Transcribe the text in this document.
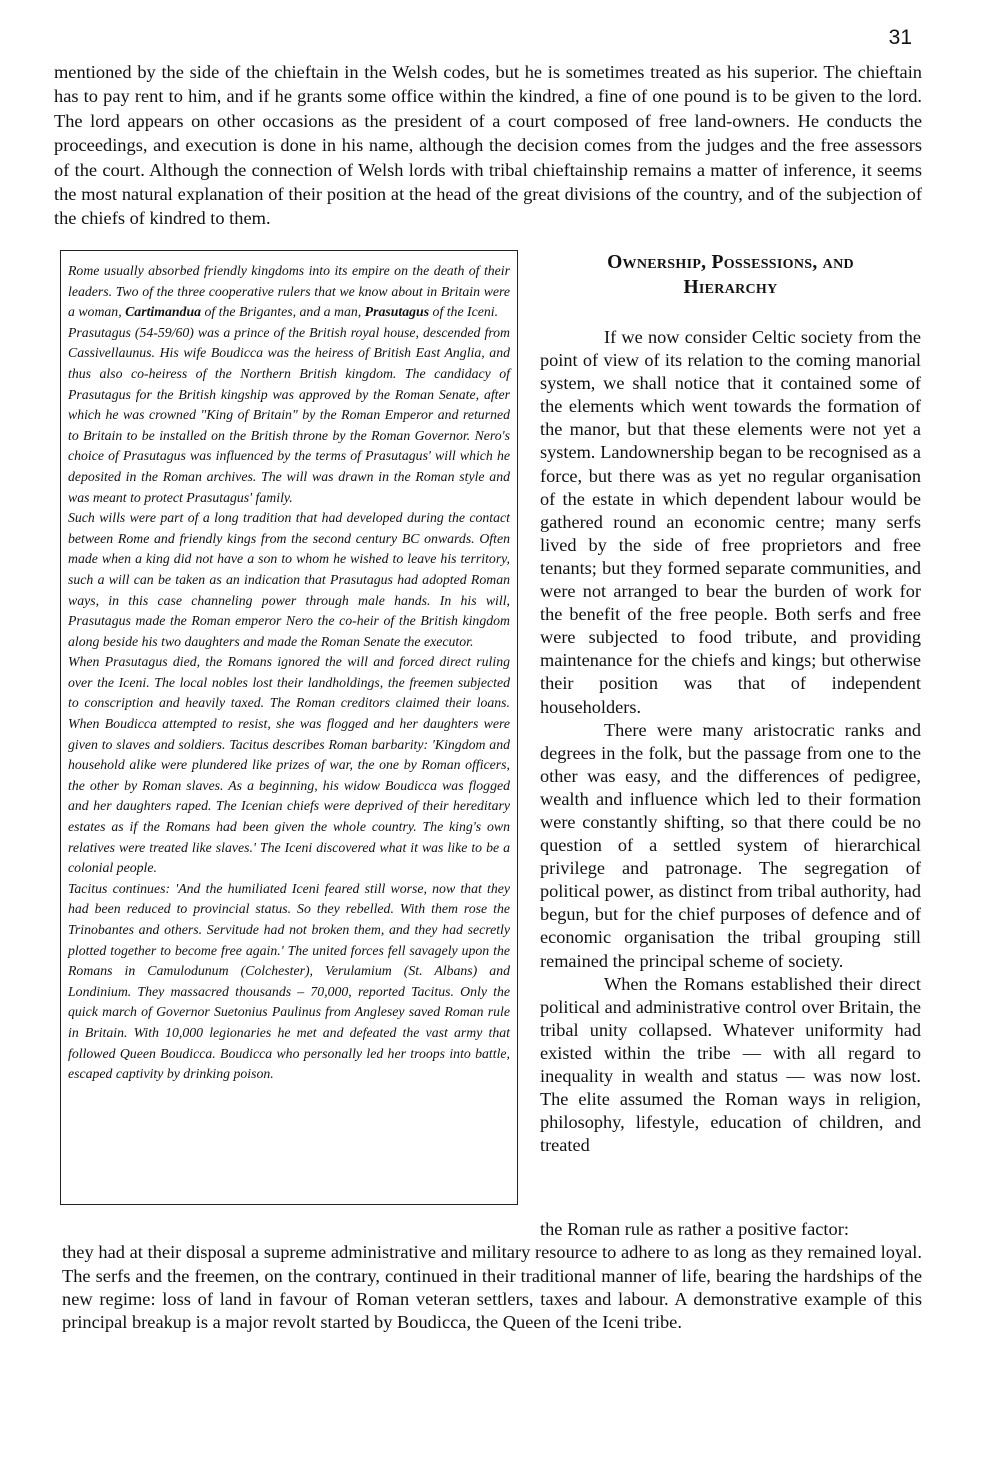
31

mentioned by the side of the chieftain in the Welsh codes, but he is sometimes treated as his superior. The chieftain has to pay rent to him, and if he grants some office within the kindred, a fine of one pound is to be given to the lord. The lord appears on other occasions as the president of a court composed of free land-owners. He conducts the proceedings, and execution is done in his name, although the decision comes from the judges and the free assessors of the court. Although the connection of Welsh lords with tribal chieftainship remains a matter of inference, it seems the most natural explanation of their position at the head of the great divisions of the country, and of the subjection of the chiefs of kindred to them.

Rome usually absorbed friendly kingdoms into its empire on the death of their leaders. Two of the three cooperative rulers that we know about in Britain were a woman, Cartimandua of the Brigantes, and a man, Prasutagus of the Iceni.

Prasutagus (54-59/60) was a prince of the British royal house, descended from Cassivellaunus. His wife Boudicca was the heiress of British East Anglia, and thus also co-heiress of the Northern British kingdom. The candidacy of Prasutagus for the British kingship was approved by the Roman Senate, after which he was crowned "King of Britain" by the Roman Emperor and returned to Britain to be installed on the British throne by the Roman Governor. Nero's choice of Prasutagus was influenced by the terms of Prasutagus' will which he deposited in the Roman archives. The will was drawn in the Roman style and was meant to protect Prasutagus' family.

Such wills were part of a long tradition that had developed during the contact between Rome and friendly kings from the second century BC onwards. Often made when a king did not have a son to whom he wished to leave his territory, such a will can be taken as an indication that Prasutagus had adopted Roman ways, in this case channeling power through male hands. In his will, Prasutagus made the Roman emperor Nero the co-heir of the British kingdom along beside his two daughters and made the Roman Senate the executor.

When Prasutagus died, the Romans ignored the will and forced direct ruling over the Iceni. The local nobles lost their landholdings, the freemen subjected to conscription and heavily taxed. The Roman creditors claimed their loans. When Boudicca attempted to resist, she was flogged and her daughters were given to slaves and soldiers. Tacitus describes Roman barbarity: 'Kingdom and household alike were plundered like prizes of war, the one by Roman officers, the other by Roman slaves. As a beginning, his widow Boudicca was flogged and her daughters raped. The Icenian chiefs were deprived of their hereditary estates as if the Romans had been given the whole country. The king's own relatives were treated like slaves.' The Iceni discovered what it was like to be a colonial people.

Tacitus continues: 'And the humiliated Iceni feared still worse, now that they had been reduced to provincial status. So they rebelled. With them rose the Trinobantes and others. Servitude had not broken them, and they had secretly plotted together to become free again.' The united forces fell savagely upon the Romans in Camulodunum (Colchester), Verulamium (St. Albans) and Londinium. They massacred thousands – 70,000, reported Tacitus. Only the quick march of Governor Suetonius Paulinus from Anglesey saved Roman rule in Britain. With 10,000 legionaries he met and defeated the vast army that followed Queen Boudicca. Boudicca who personally led her troops into battle, escaped captivity by drinking poison.

Ownership, Possessions, and
Hierarchy

If we now consider Celtic society from the point of view of its relation to the coming manorial system, we shall notice that it contained some of the elements which went towards the formation of the manor, but that these elements were not yet a system. Landownership began to be recognised as a force, but there was as yet no regular organisation of the estate in which dependent labour would be gathered round an economic centre; many serfs lived by the side of free proprietors and free tenants; but they formed separate communities, and were not arranged to bear the burden of work for the benefit of the free people. Both serfs and free were subjected to food tribute, and providing maintenance for the chiefs and kings; but otherwise their position was that of independent householders.

There were many aristocratic ranks and degrees in the folk, but the passage from one to the other was easy, and the differences of pedigree, wealth and influence which led to their formation were constantly shifting, so that there could be no question of a settled system of hierarchical privilege and patronage. The segregation of political power, as distinct from tribal authority, had begun, but for the chief purposes of defence and of economic organisation the tribal grouping still remained the principal scheme of society.

When the Romans established their direct political and administrative control over Britain, the tribal unity collapsed. Whatever uniformity had existed within the tribe — with all regard to inequality in wealth and status — was now lost. The elite assumed the Roman ways in religion, philosophy, lifestyle, education of children, and treated

the Roman rule as rather a positive factor:

they had at their disposal a supreme administrative and military resource to adhere to as long as they remained loyal. The serfs and the freemen, on the contrary, continued in their traditional manner of life, bearing the hardships of the new regime: loss of land in favour of Roman veteran settlers, taxes and labour. A demonstrative example of this principal breakup is a major revolt started by Boudicca, the Queen of the Iceni tribe.
